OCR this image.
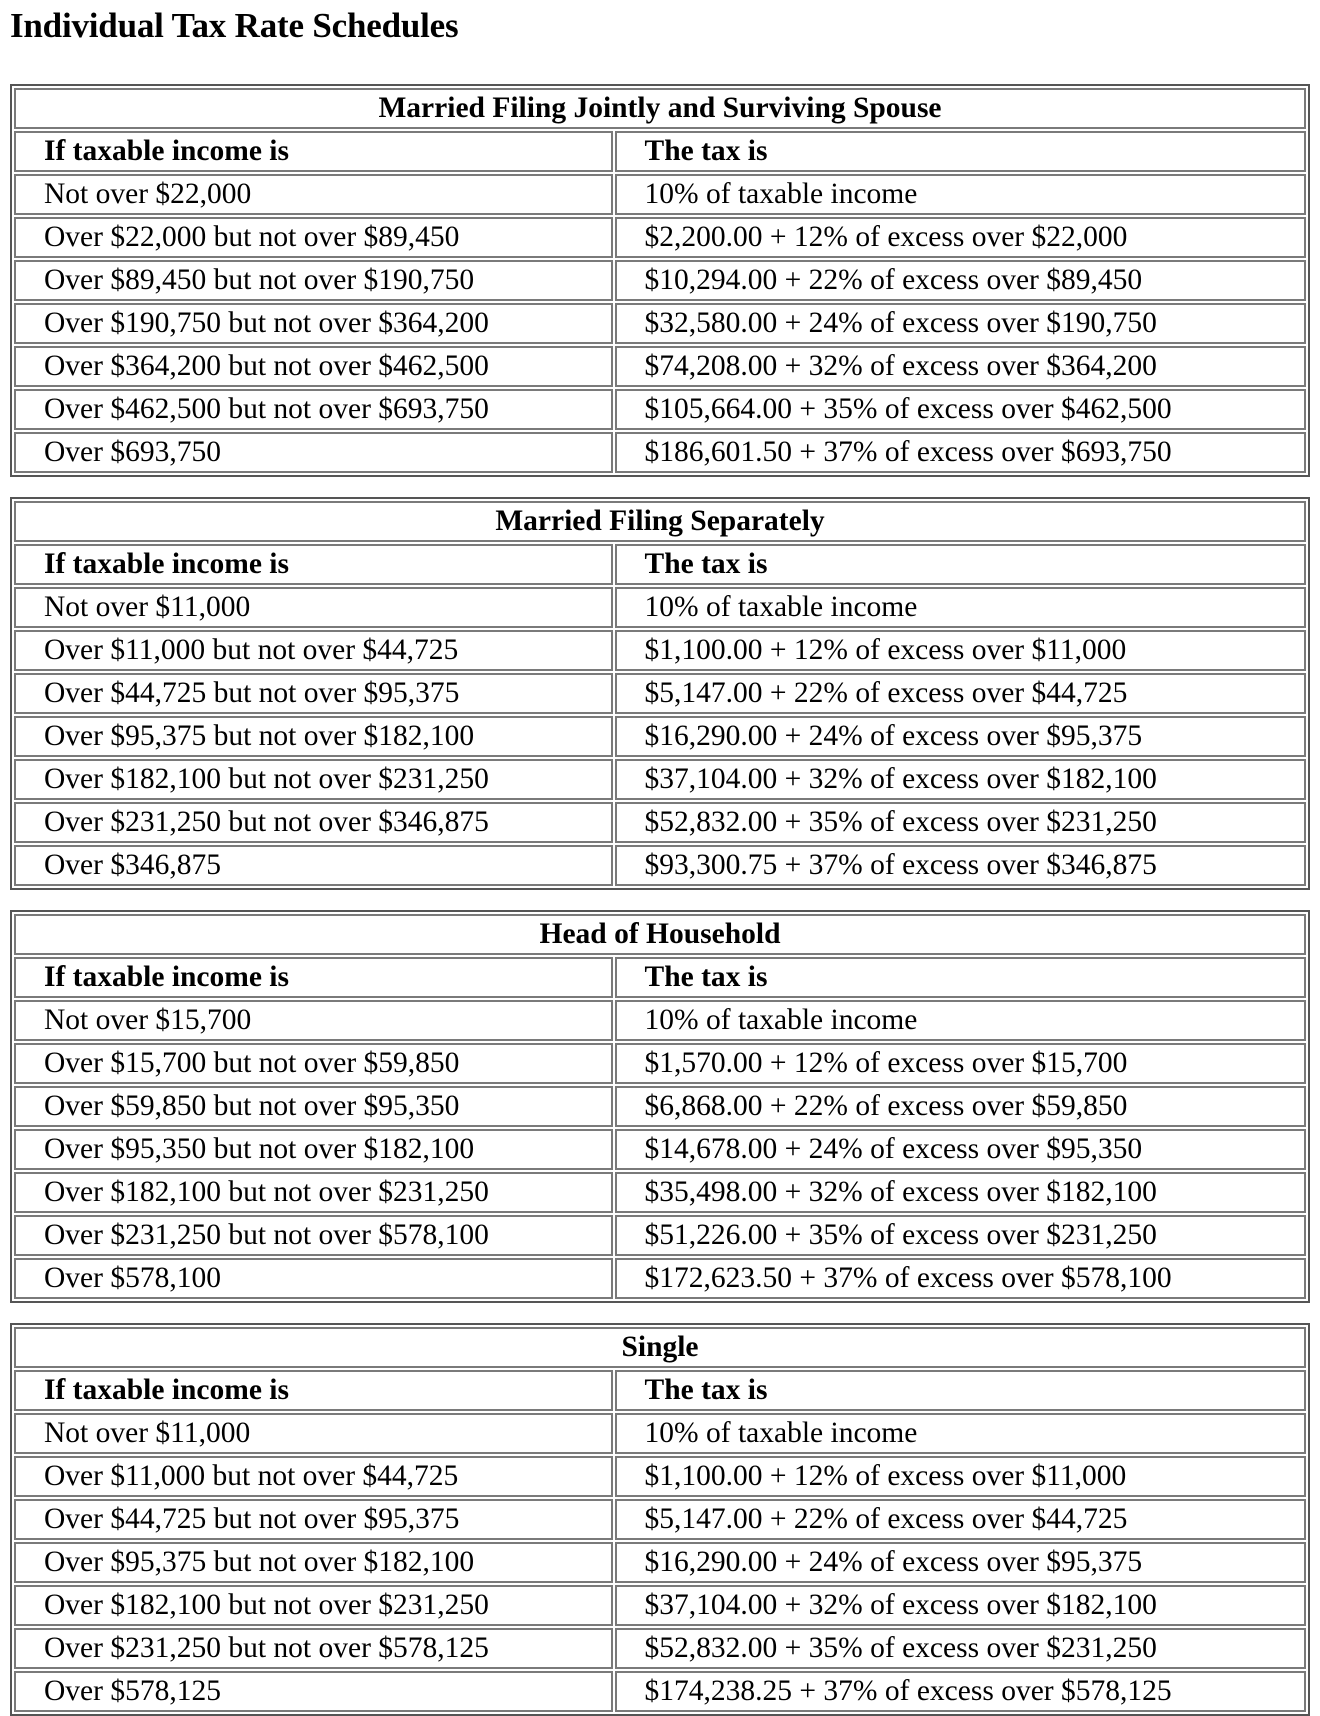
Individual Tax Rate Schedules
Married Filing Jointly and Surviving Spouse	
If taxable income is	The tax is
Not over $22,000	10% of taxable income
Over $22,000 but not over $89,450	$2,200.00 + 12% of excess over $22,000
Over $89,450 but not over $190,750	$10,294.00 + 22% of excess over $89,450
Over $190,750 but not over $364,200	$32,580.00 + 24% of excess over $190,750
Over $364,200 but not over $462,500	$74,208.00 + 32% of excess over $364,200
Over $462,500 but not over $693,750	$105,664.00 + 35% of excess over $462,500
Over $693,750	$186,601.50 + 37% of excess over $693,750
Married Filing Separately	
If taxable income is	The tax is
Not over $11,000	10% of taxable income
Over $11,000 but not over $44,725	$1,100.00 + 12% of excess over $11,000
Over $44,725 but not over $95,375	$5,147.00 + 22% of excess over $44,725
Over $95,375 but not over $182,100	$16,290.00 + 24% of excess over $95,375
Over $182,100 but not over $231,250	$37,104.00 + 32% of excess over $182,100
Over $231,250 but not over $346,875	$52,832.00 + 35% of excess over $231,250
Over $346,875	$93,300.75 + 37% of excess over $346,875
Head of Household	
If taxable income is	The tax is
Not over $15,700	10% of taxable income
Over $15,700 but not over $59,850	$1,570.00 + 12% of excess over $15,700
Over $59,850 but not over $95,350	$6,868.00 + 22% of excess over $59,850
Over $95,350 but not over $182,100	$14,678.00 + 24% of excess over $95,350
Over $182,100 but not over $231,250	$35,498.00 + 32% of excess over $182,100
Over $231,250 but not over $578,100	$51,226.00 + 35% of excess over $231,250
Over $578,100	$172,623.50 + 37% of excess over $578,100
Single	
If taxable income is	The tax is
Not over $11,000	10% of taxable income
Over $11,000 but not over $44,725	$1,100.00 + 12% of excess over $11,000
Over $44,725 but not over $95,375	$5,147.00 + 22% of excess over $44,725
Over $95,375 but not over $182,100	$16,290.00 + 24% of excess over $95,375
Over $182,100 but not over $231,250	$37,104.00 + 32% of excess over $182,100
Over $231,250 but not over $578,125	$52,832.00 + 35% of excess over $231,250
Over $578,125	$174,238.25 + 37% of excess over $578,125
